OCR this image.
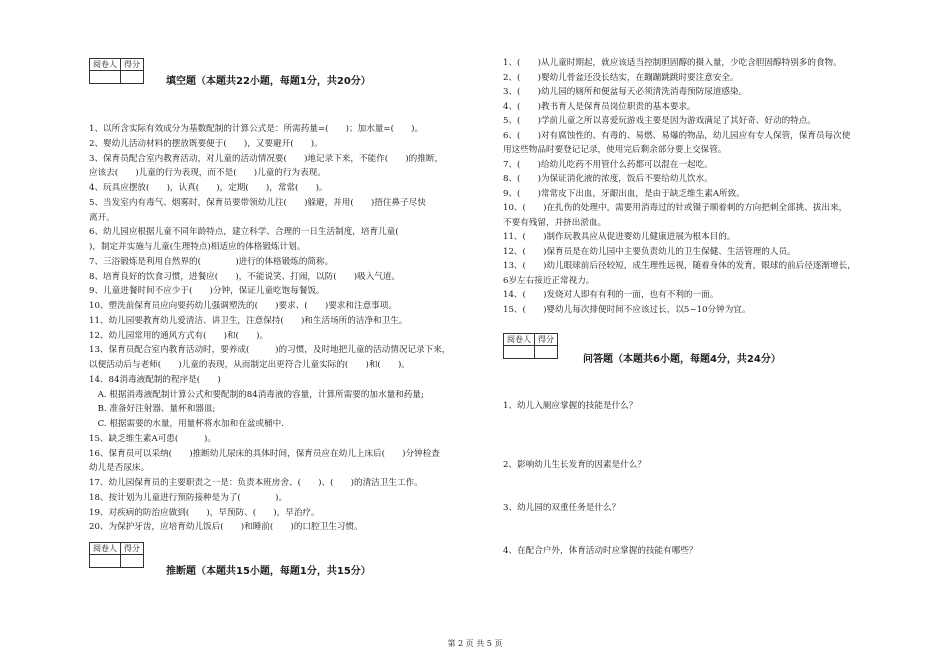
阅卷人	得分

填空题（本题共22小题，每题1分，共20分）
1、以所含实际有效成分为基数配制的计算公式是：所需药量=(　　)；加水量=(　　)。
2、婴幼儿活动材料的摆放既要便于(　　)，又要避开(　　)。
3、保育员配合室内教育活动，对儿童的活动情况要(　　)地记录下来，不能作(　　)的推断，
应该去(　　)儿童的行为表现，而不是(　　)儿童的行为表现。
4、玩具应摆放(　　)，认真(　　)，定期(　　)，常常(　　)。
5、当发室内有毒气、烟雾时，保育员要带领幼儿往(　　)躲避，并用(　　)捂住鼻子尽快
离开。
6、幼儿园应根据儿童不同年龄特点，建立科学、合理的一日生活制度，培育儿童(　　
)，制定并实施与儿童(生理特点)相适应的体格锻炼计划。
7、三浴锻炼是利用自然界的(　　　　)进行的体格锻炼的简称。
8、培育良好的饮食习惯，进餐应(　　)，不能说笑、打闹，以防(　　)吸入气道。
9、儿童进餐时间不应少于(　　)分钟，保证儿童吃饱每餐饭。
10、塑洗前保育员应向要药幼儿强调塑洗的(　　)要求、(　　)要求和注意事项。
11、幼儿园要教育幼儿爱清洁、讲卫生，注意保持(　　)和生活场所的洁净和卫生。
12、幼儿园常用的通风方式有(　　)和(　　)。
13、保育员配合室内教育活动时，要养成(　　　)的习惯，及时地把儿童的活动情况记录下来，
以便活动后与老师(　　)儿童的表现，从而制定出更符合儿童实际的(　　)和(　　)。
14、84消毒液配制的程序是(　　)
　A. 根据消毒液配制计算公式和要配制的84消毒液的容量，计算所需要的加水量和药量;
　B. 准备好注射器、量杯和器皿;
　C. 根据需要的水量，用量杯将水加和在盆或桶中.
15、缺乏维生素A可患(　　　)。
16、保育员可以采纳(　　)推断幼儿尿床的具体时间，保育员应在幼儿上床后(　　)分钟检查
幼儿是否尿床。
17、幼儿园保育员的主要职责之一是：负责本班房舍、(　　)、(　　)的清洁卫生工作。
18、按计划为儿童进行预防接种是为了(　　　　)。
19、对疾病的防治应做到(　　)，早预防、(　　)，早治疗。
20、为保护牙齿，应培育幼儿饭后(　　)和睡前(　　)的口腔卫生习惯。
阅卷人	得分

推断题（本题共15小题，每题1分，共15分）
1、(　　)从儿童时期起，就应该适当控制胆固醇的摄入量，少吃含胆固醇特别多的食物。
2、(　　)婴幼儿骨盆还没长结实，在蹦蹦跳跳时要注意安全。
3、(　　)幼儿园的厕所和便盆每天必须清洗消毒预防尿道感染。
4、(　　)教书育人是保育员岗位职责的基本要求。
5、(　　)学前儿童之所以喜爱玩游戏主要是因为游戏满足了其好奇、好动的特点。
6、(　　)对有腐蚀性的、有毒的、易燃、易爆的物品，幼儿园应有专人保管，保育员每次使
用这些物品时要登记记录，使用完后剩余部分要上交保管。
7、(　　)给幼儿吃药不用管什么药都可以混在一起吃。
8、(　　)为保证消化液的浓度，饭后不要给幼儿饮水。
9、(　　)常常皮下出血，牙龈出血，是由于缺乏维生素A所致。
10、(　　)在扎伤的处理中，需要用消毒过的针或镊子顺着刺的方向把刺全部挑、拔出来，
不要有残留，并挤出淤血。
11、(　　)制作玩教具应从促进婴幼儿健康进展为根本目的。
12、(　　)保育员是在幼儿园中主要负责幼儿的卫生保健、生活管理的人员。
13、(　　)幼儿眼球前后径较短，成生理性远视，随着身体的发育，眼球的前后径逐渐增长，
6岁左右接近正常视力。
14、(　　)发烧对人即有有利的一面，也有不利的一面。
15、(　　)婴幼儿每次排便时间不应该过长，以5~10分钟为宜。
阅卷人	得分

问答题（本题共6小题，每题4分，共24分）
1、幼儿入厕应掌握的技能是什么？
2、影响幼儿生长发育的因素是什么？
3、幼儿园的双重任务是什么？
4、在配合户外，体育活动时应掌握的技能有哪些？
第 2 页 共 5 页
